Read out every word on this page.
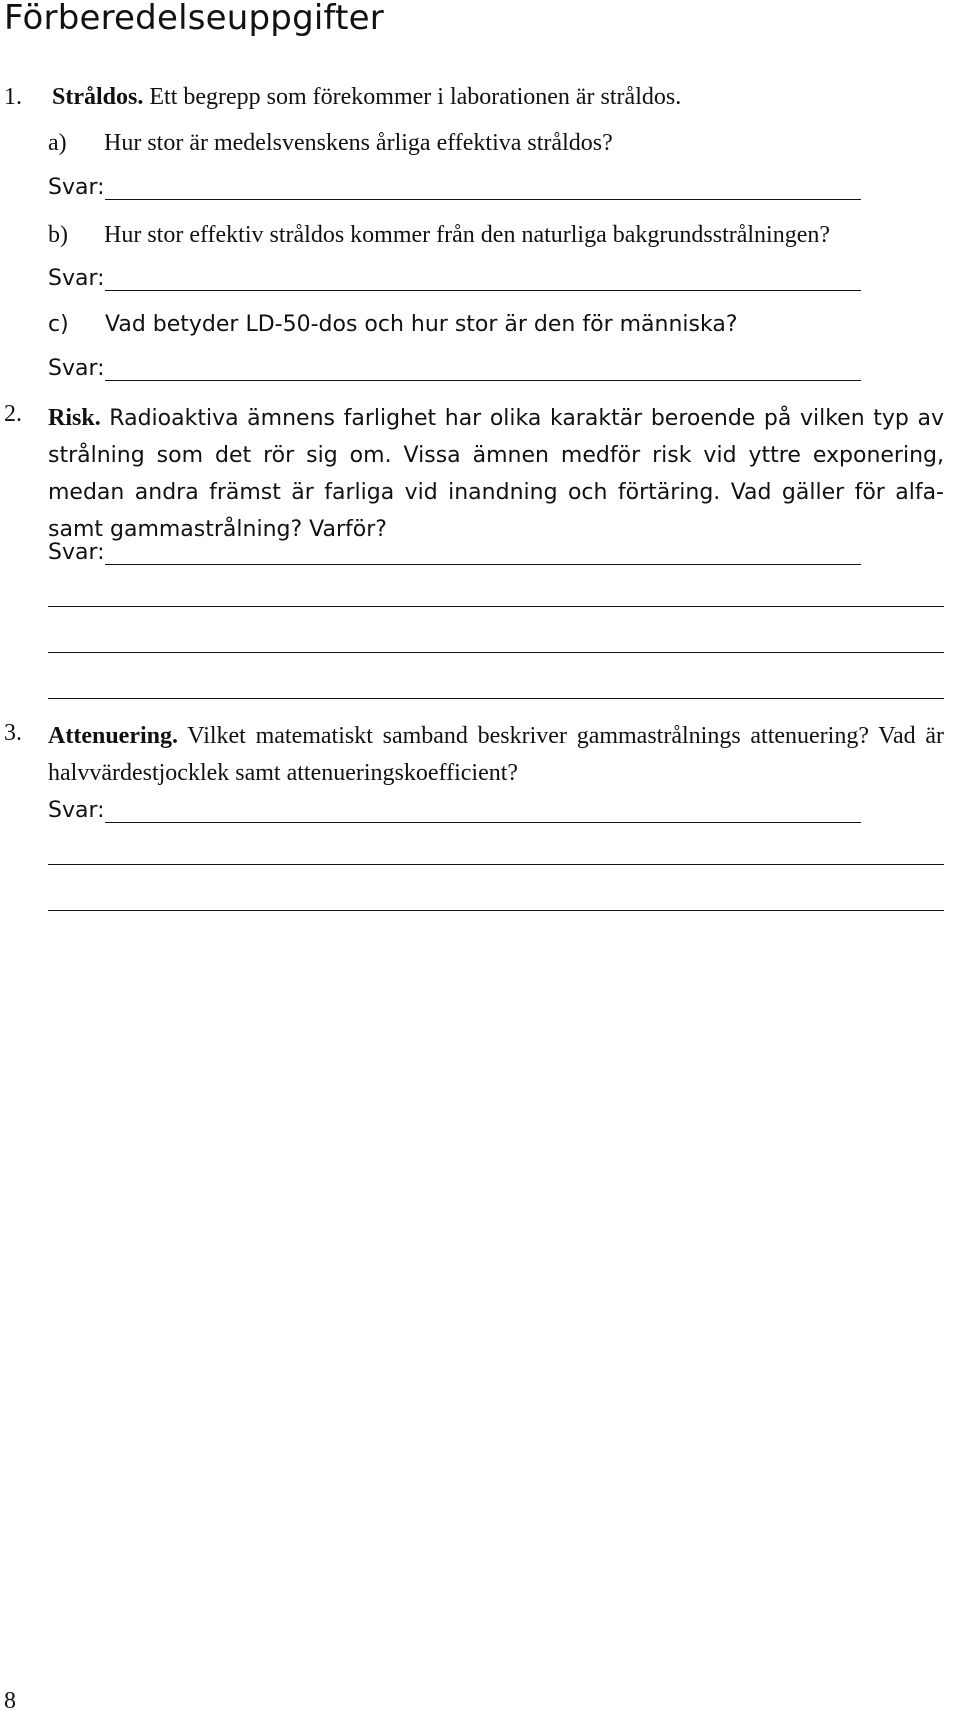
Förberedelseuppgifter
1. Stråldos. Ett begrepp som förekommer i laborationen är stråldos.
a) Hur stor är medelsvenskens årliga effektiva stråldos?
Svar:
b) Hur stor effektiv stråldos kommer från den naturliga bakgrundsstrålningen?
Svar:
c) Vad betyder LD-50-dos och hur stor är den för människa?
Svar:
2. Risk. Radioaktiva ämnens farlighet har olika karaktär beroende på vilken typ av strålning som det rör sig om. Vissa ämnen medför risk vid yttre exponering, medan andra främst är farliga vid inandning och förtäring. Vad gäller för alfa- samt gammastrålning? Varför?
Svar:
3. Attenuering. Vilket matematiskt samband beskriver gammastrålnings attenuering? Vad är halvvärdestjocklek samt attenueringskoefficient?
Svar:
8
